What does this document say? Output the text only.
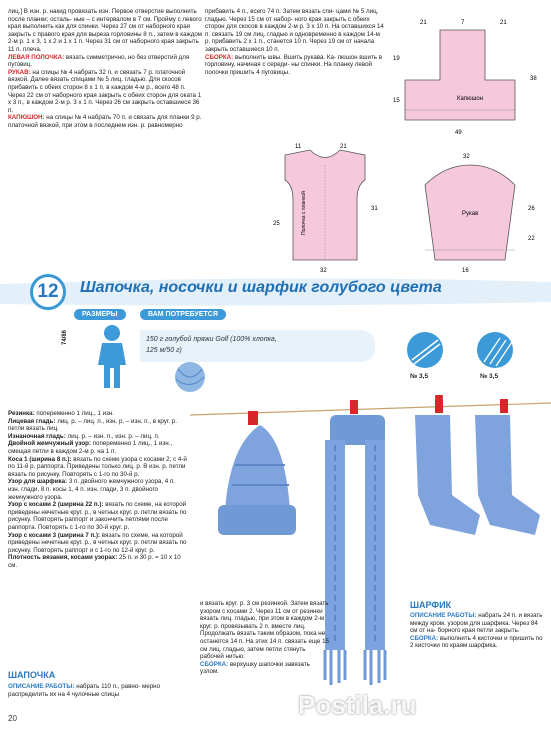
лиц.] В изн. р. накид провязать изн. Первое отверстие выполнить после планки; осталь- ные – с интервалом в 7 см. Пройму с левого края выполнить как для спинки. Через 27 см от наборного края закрыть с правого края для выреза горловины 8 п., затем в каждом 2-м р. 1 х 3, 1 х 2 и 1 х 1 п. Через 31 см от наборного края закрыть 11 п. плеча.

ЛЕВАЯ ПОЛОЧКА: вязать симметрично, но без отверстий для пуговиц.

РУКАВ: на спицы № 4 набрать 32 п. и связать 7 р. платочной вязкой. Далее вязать спицами № 5 лиц. гладью. Для скосов прибавить с обеих сторон 8 х 1 п. в каждом 4-м р., всего 48 п. Через 22 см от наборного края закрыть с обеих сторон для оката 1 х 3 п., в каждом 2-м р. 3 х 1 п. Через 26 см закрыть оставшиеся 36 п.

КАПЮШОН: на спицы № 4 набрать 70 п. и связать для планки 9 р. платочной вязкой, при этом в последнем изн. р. равномерно

прибавить 4 п., всего 74 п. Затем вязать спи- цами № 5 лиц. гладью. Через 15 см от набор- ного края закрыть с обеих сторон для скосов в каждом 2-м р. 3 х 10 п. На оставшихся 14 п. связать 19 см лиц. гладью и одновременно в каждом 14-м р. прибавить 2 х 1 п., станется 10 п. Через 19 см от начала закрыть оставшиеся 10 п.

СБОРКА: выполнить швы. Вшить рукава. Ка- пюшон вшить в горловину, начиная с середи- ны спинки. На планку левой полочки пришить 4 пуговицы.

Капюшон
21	7	21
49
19
15
38
Полочка с планкой
11	21
32
25
31
Рукав
32
16
26
22
12	Шапочка, носочки и шарфик голубого цвета
РАЗМЕРЫ
74/86
ВАМ ПОТРЕБУЕТСЯ
150 г голубой пряжи Golf (100% хлопка,
125 м/50 г)
№ 3,5	№ 3,5

Резинка: попеременно 1 лиц., 1 изн.

Лицевая гладь: лиц. р. – лиц. п., изн. р. – изн. п., в круг. р. петли вязать лиц.

Изнаночная гладь: лиц. р. – изн. п., изн. р. – лиц. п.

Двойной жемчужный узор: попеременно 1 лиц., 1 изн., смещая петли в каждом 2-м р. на 1 п.

Коса 1 (ширина 8 п.): вязать по схеме узора с косами 2; с 4-й по 11-й р. раппорта. Приведены только лиц. р. В изн. р. петли вязать по рисунку. Повторять с 1-го по 30-й р.

Узор для шарфика: 3 п. двойного жемчужного узора, 4 п. изн. глади, 8 п. косы 1, 4 п. изн. глади, 3 п. двойного жемчужного узора.

Узор с косами 2 (ширина 22 п.): вязать по схеме, на которой приведены нечетные круг. р., в четных круг. р. петли вязать по рисунку. Повторять раппорт и закончить петлями после раппорта. Повторять с 1-го по 30-й круг. р.

Узор с косами 3 (ширина 7 п.): вязать по схеме, на которой приведены нечетные круг. р., в четных круг. р. петли вязать по рисунку. Повторять раппорт и с 1-го по 12-й круг. р.

Плотность вязания, косами узорах: 25 п. и 30 р. = 10 х 10 см.

ШАПОЧКА
ОПИСАНИЕ РАБОТЫ: набрать 110 п., равно- мерно распределить их на 4 чулочные спицы
и вязать круг. р. 3 см резинкой. Затем вязать узором с косами 2. Через 11 см от резинки вязать лиц. гладью, при этом в каждом 2-м круг. р. провязывать 2 п. вместе лиц. Продолжать вязать таким образом, пока не останется 14 п. На этих 14 п. связать еще 15 см лиц. гладью, затем петли стянуть рабочей нитью.

СБОРКА: верхушку шапочки завязать узлом.

ШАРФИК
ОПИСАНИЕ РАБОТЫ: набрать 24 п. и вязать между кром. узором для шарфика. Через 84 см от на- борного края петли закрыть.

СБОРКА: выполнить 4 кисточки и пришить по 2 кисточки по краям шарфика.

20	Postila.ru
